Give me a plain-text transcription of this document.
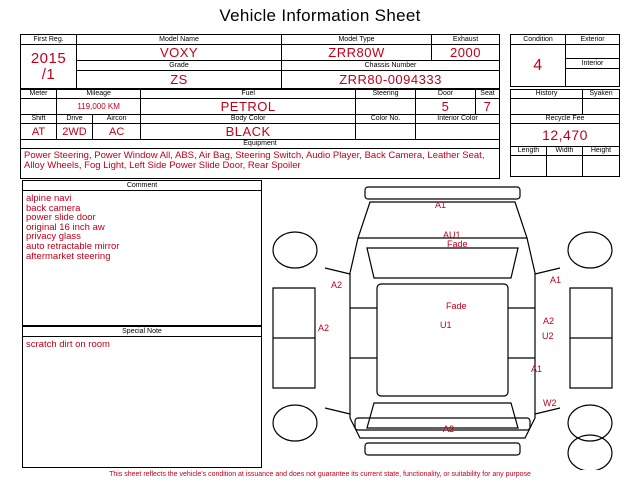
Vehicle Information Sheet
First Reg.	Model Name	Model Type	Exhaust
2015
/1	VOXY	ZRR80W	2000
	Grade	Chassis Number	
	ZS	ZRR80-0094333	
Condition	Exterior
4	
	Interior

Meter	Mileage		Fuel	Steering	Door	Seat
	119,000 KM		PETROL		5	7
Shift	Drive	Aircon	Body Color	Color No.	Interior Color	
AT	2WD	AC	BLACK			
Equipment						
Power Steering, Power Window All, ABS, Air Bag, Steering Switch, Audio Player, Back Camera, Leather Seat, Alloy Wheels, Fog Light, Left Side Power Slide Door, Rear Spoiler						
History		Syaken

Recycle Fee		
12,470		
Length	Width	Height

Comment
alpine navi
back camera
power slide door
original 16 inch aw
privacy glass
auto retractable mirror
aftermarket steering
Special Note
scratch dirt on room
A1
AU1
Fade
A2	A1
Fade
U1
A2
A2
U2
A1
W2
A2
This sheet reflects the vehicle's condition at issuance and does not guarantee its current state, functionality, or suitability for any purpose
